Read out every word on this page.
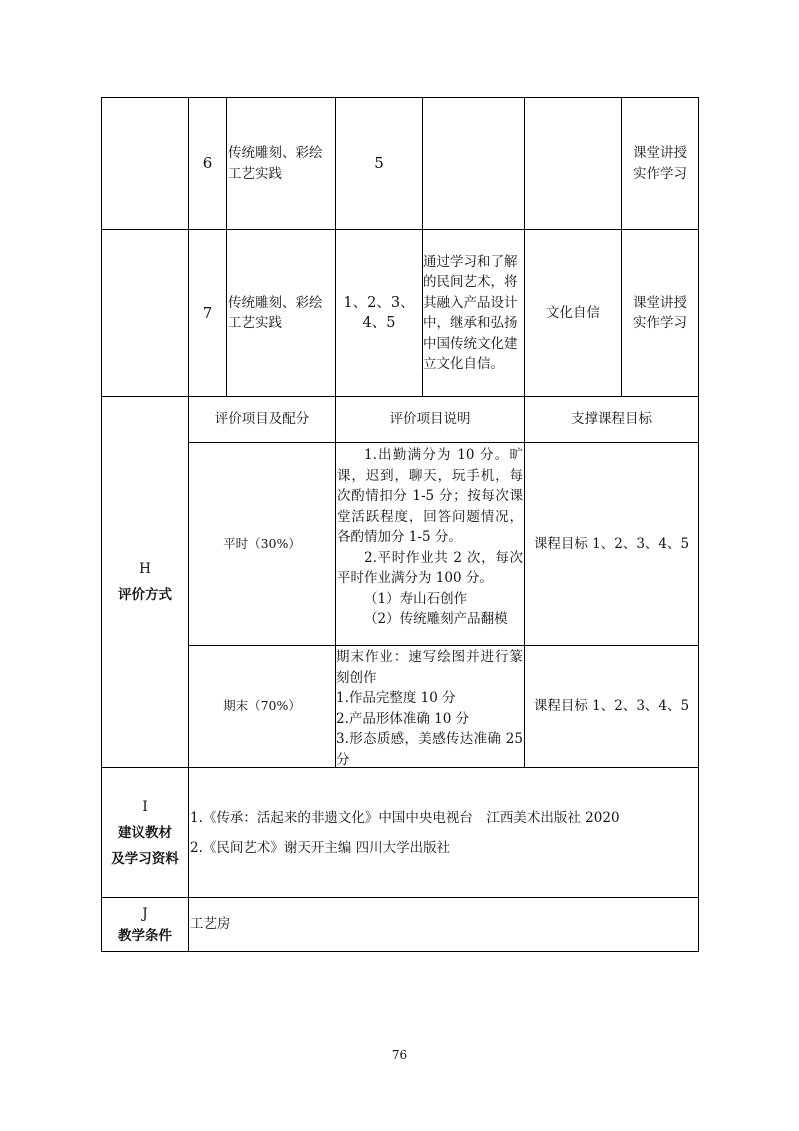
6
传统雕刻、彩绘工艺实践
5
课堂讲授
实作学习
7
传统雕刻、彩绘工艺实践
1、2、3、4、5
通过学习和了解的民间艺术，将其融入产品设计中，继承和弘扬中国传统文化建立文化自信。
文化自信
课堂讲授
实作学习
H
评价方式
评价项目及配分	评价项目说明	支撑课程目标
平时（30%）
1.出勤满分为 10 分。旷课，迟到，聊天，玩手机，每次酌情扣分 1-5 分；按每次课堂活跃程度，回答问题情况，各酌情加分 1-5 分。
2.平时作业共 2 次，每次平时作业满分为 100 分。
（1）寿山石创作
（2）传统雕刻产品翻模
课程目标 1、2、3、4、5
期末（70%）
期末作业：速写绘图并进行篆刻创作
1.作品完整度 10 分
2.产品形体准确 10 分
3.形态质感，美感传达准确 25 分
课程目标 1、2、3、4、5
I
建议教材
及学习资料
1.《传承：活起来的非遗文化》中国中央电视台　江西美术出版社 2020
2.《民间艺术》谢天开主编 四川大学出版社
J
教学条件
工艺房
76
